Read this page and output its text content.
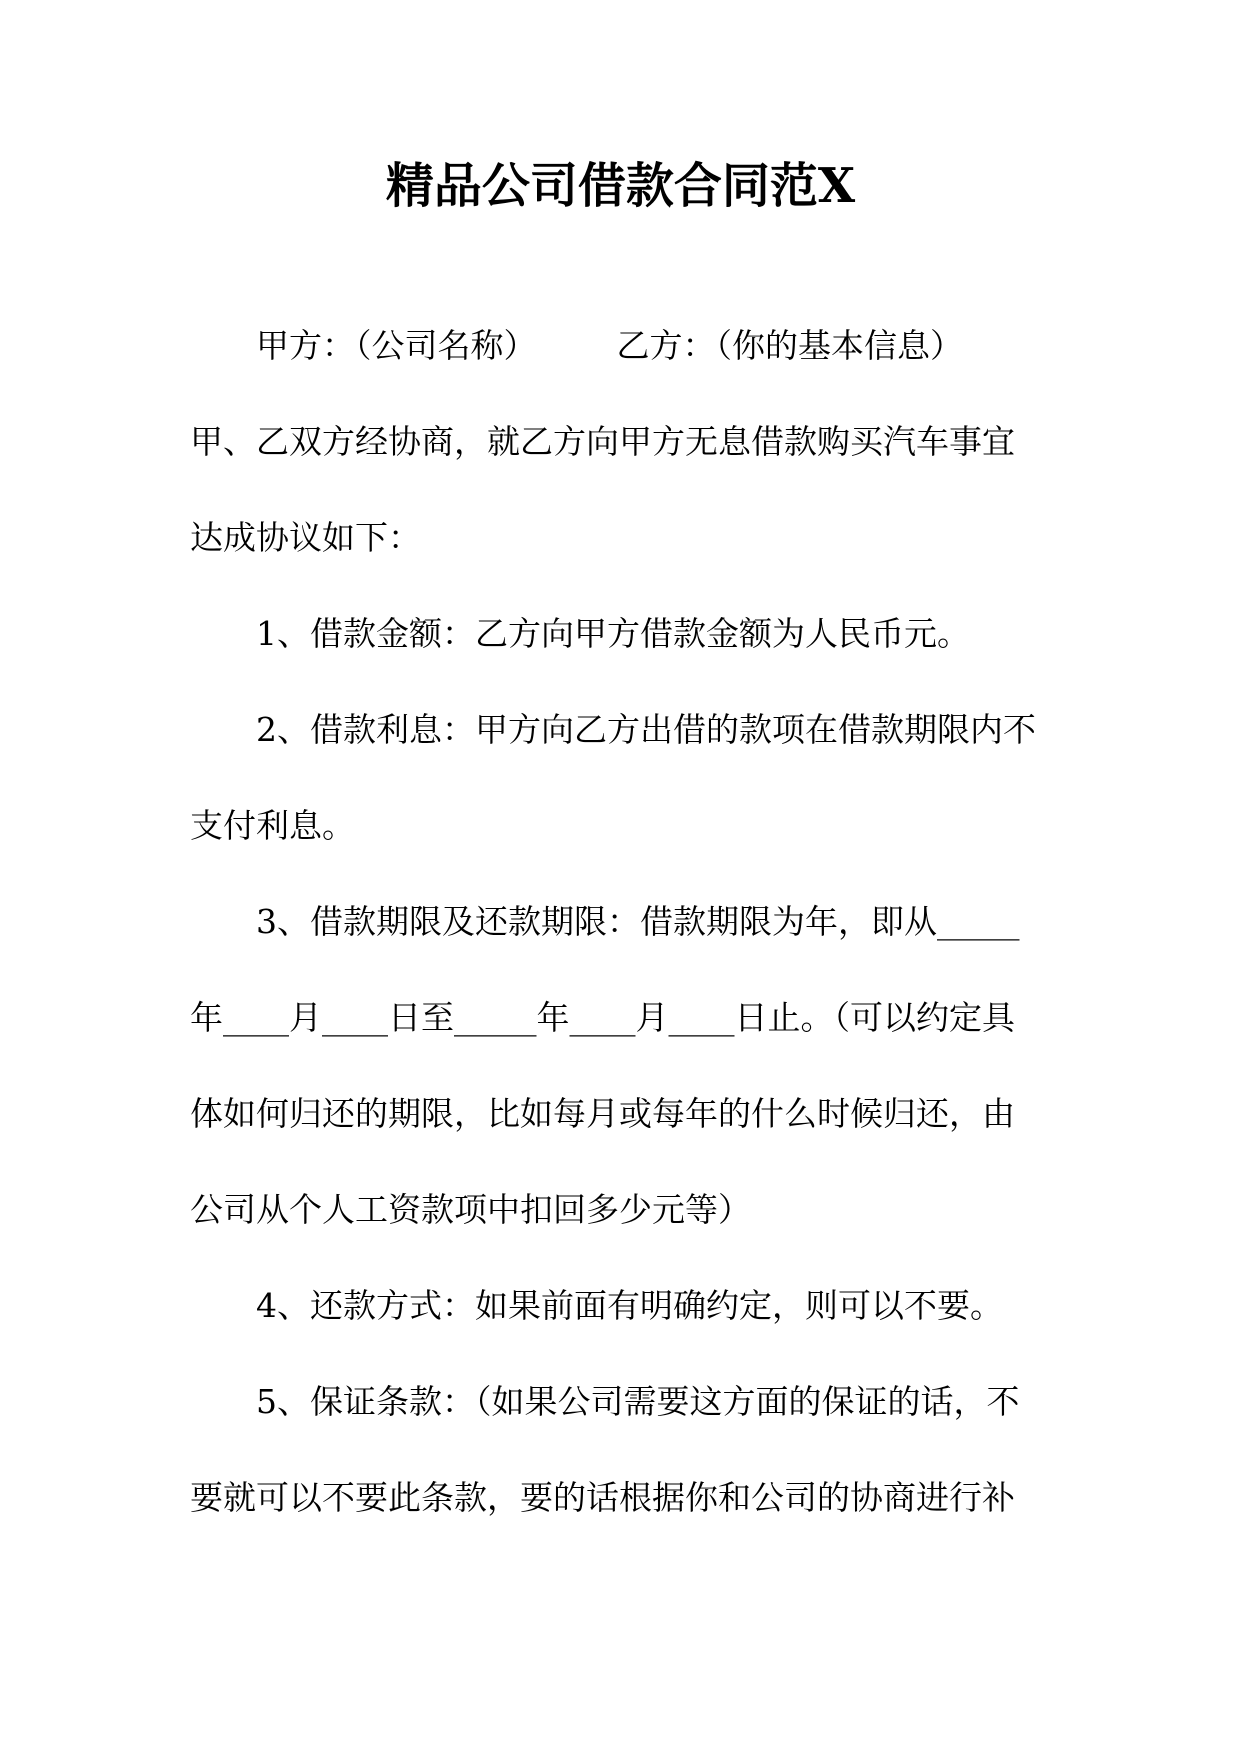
精品公司借款合同范X

甲方：（公司名称） 乙方：（你的基本信息）

甲、乙双方经协商，就乙方向甲方无息借款购买汽车事宜

达成协议如下：

1、借款金额：乙方向甲方借款金额为人民币元。

2、借款利息：甲方向乙方出借的款项在借款期限内不

支付利息。

3、借款期限及还款期限：借款期限为年，即从_____

年____月____日至_____年____月____日止。（可以约定具

体如何归还的期限，比如每月或每年的什么时候归还，由

公司从个人工资款项中扣回多少元等）

4、还款方式：如果前面有明确约定，则可以不要。

5、保证条款：（如果公司需要这方面的保证的话，不

要就可以不要此条款，要的话根据你和公司的协商进行补
